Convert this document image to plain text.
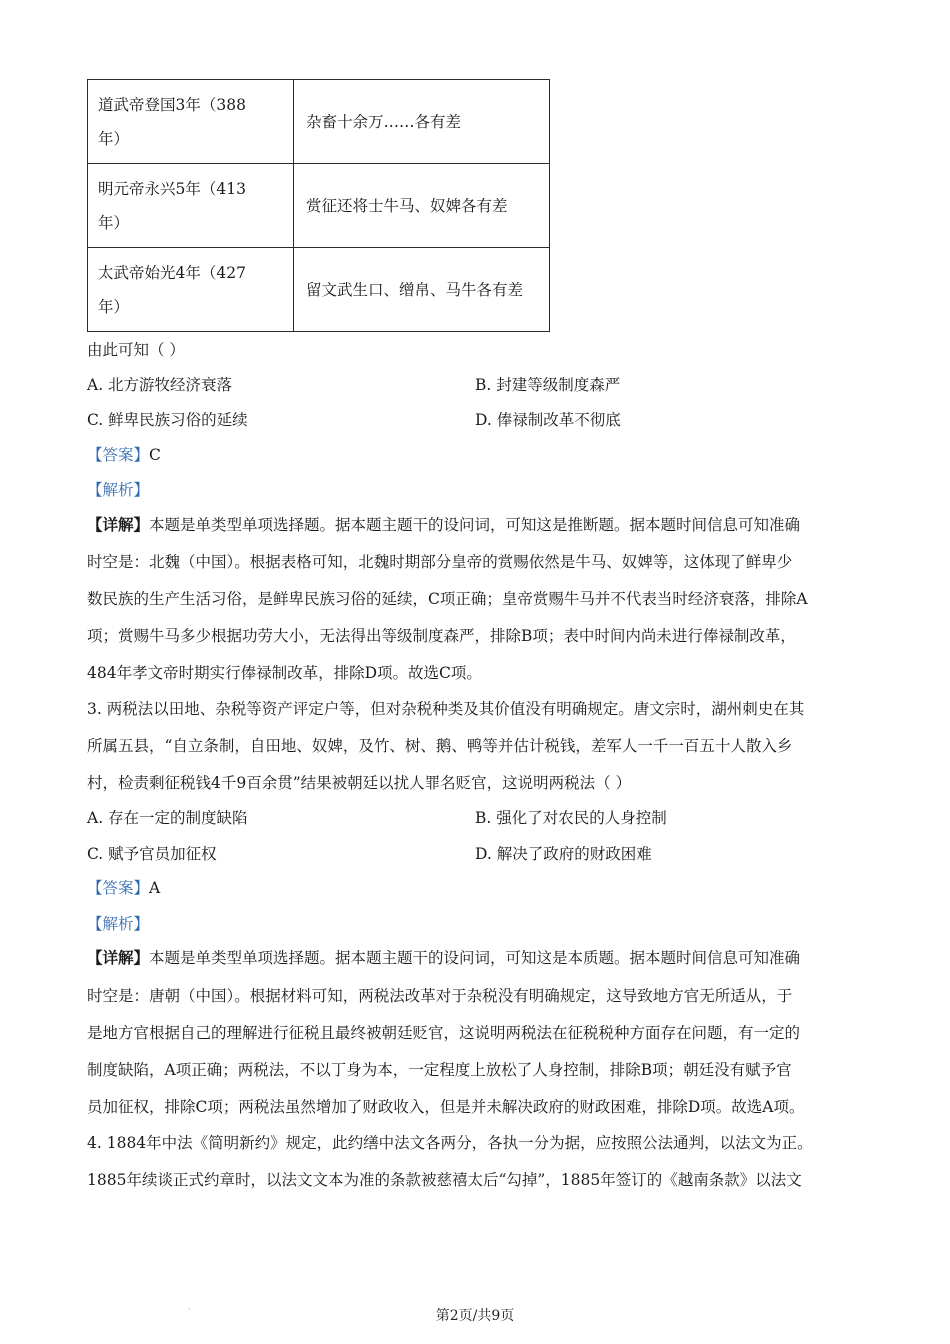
道武帝登国3年（388
年）	杂畜十余万……各有差

明元帝永兴5年（413
年）	赏征还将士牛马、奴婢各有差

太武帝始光4年（427
年）	留文武生口、缯帛、马牛各有差
由此可知（ ）
A. 北方游牧经济衰落	B. 封建等级制度森严
C. 鲜卑民族习俗的延续	D. 俸禄制改革不彻底
【答案】C
【解析】
【详解】本题是单类型单项选择题。据本题主题干的设问词，可知这是推断题。据本题时间信息可知准确
时空是：北魏（中国）。根据表格可知，北魏时期部分皇帝的赏赐依然是牛马、奴婢等，这体现了鲜卑少
数民族的生产生活习俗，是鲜卑民族习俗的延续，C项正确；皇帝赏赐牛马并不代表当时经济衰落，排除A
项；赏赐牛马多少根据功劳大小，无法得出等级制度森严，排除B项；表中时间内尚未进行俸禄制改革，
484年孝文帝时期实行俸禄制改革，排除D项。故选C项。
3. 两税法以田地、杂税等资产评定户等，但对杂税种类及其价值没有明确规定。唐文宗时，湖州刺史在其
所属五县，“自立条制，自田地、奴婢，及竹、树、鹅、鸭等并估计税钱，差军人一千一百五十人散入乡
村，检责剩征税钱4千9百余贯”结果被朝廷以扰人罪名贬官，这说明两税法（ ）
A. 存在一定的制度缺陷	B. 强化了对农民的人身控制
C. 赋予官员加征权	D. 解决了政府的财政困难
【答案】A
【解析】
【详解】本题是单类型单项选择题。据本题主题干的设问词，可知这是本质题。据本题时间信息可知准确
时空是：唐朝（中国）。根据材料可知，两税法改革对于杂税没有明确规定，这导致地方官无所适从，于
是地方官根据自己的理解进行征税且最终被朝廷贬官，这说明两税法在征税税种方面存在问题，有一定的
制度缺陷，A项正确；两税法，不以丁身为本，一定程度上放松了人身控制，排除B项；朝廷没有赋予官
员加征权，排除C项；两税法虽然增加了财政收入，但是并未解决政府的财政困难，排除D项。故选A项。
4. 1884年中法《简明新约》规定，此约缮中法文各两分，各执一分为据，应按照公法通判，以法文为正。
1885年续谈正式约章时，以法文文本为准的条款被慈禧太后“勾掉”，1885年签订的《越南条款》以法文
·	第2页/共9页
